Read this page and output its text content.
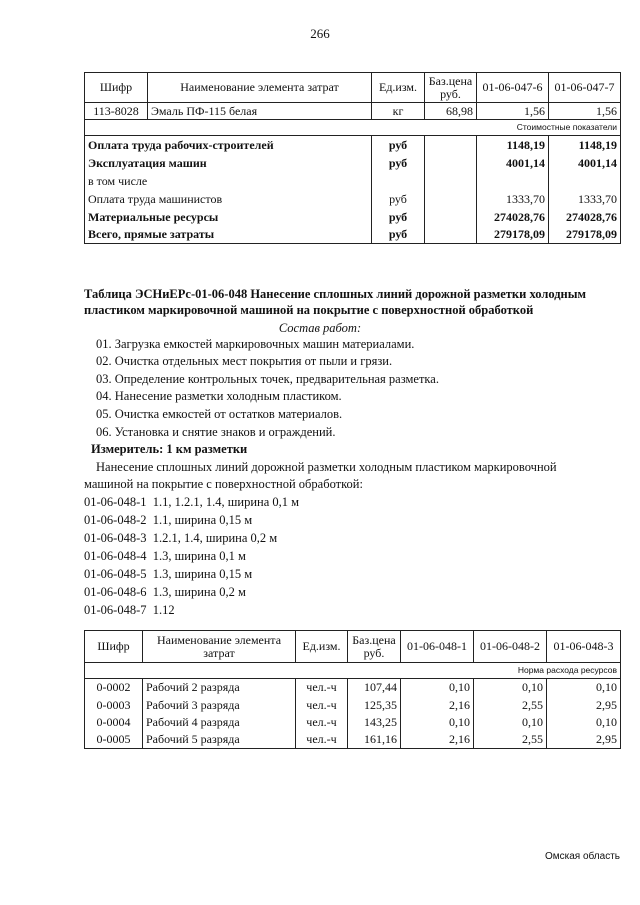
266
Шифр	Наименование элемента затрат	Ед.изм.	Баз.цена руб.	01-06-047-6	01-06-047-7
113-8028	Эмаль ПФ-115 белая	кг	68,98	1,56	1,56
Стоимостные показатели					
Оплата труда рабочих-строителей		руб		1148,19	1148,19
Эксплуатация машин		руб		4001,14	4001,14
в том числе					
Оплата труда машинистов		руб		1333,70	1333,70
Материальные ресурсы		руб		274028,76	274028,76
Всего, прямые затраты		руб		279178,09	279178,09
Таблица ЭСНиЕРс-01-06-048 Нанесение сплошных линий дорожной разметки холодным
пластиком маркировочной машиной на покрытие с поверхностной обработкой
Состав работ:
01. Загрузка емкостей маркировочных машин материалами.
02. Очистка отдельных мест покрытия от пыли и грязи.
03. Определение контрольных точек, предварительная разметка.
04. Нанесение разметки холодным пластиком.
05. Очистка емкостей от остатков материалов.
06. Установка и снятие знаков и ограждений.
Измеритель: 1 км разметки
Нанесение сплошных линий дорожной разметки холодным пластиком маркировочной
машиной на покрытие с поверхностной обработкой:
01-06-048-1 1.1, 1.2.1, 1.4, ширина 0,1 м
01-06-048-2 1.1, ширина 0,15 м
01-06-048-3 1.2.1, 1.4, ширина 0,2 м
01-06-048-4 1.3, ширина 0,1 м
01-06-048-5 1.3, ширина 0,15 м
01-06-048-6 1.3, ширина 0,2 м
01-06-048-7 1.12
Шифр	Наименование элемента затрат	Ед.изм.	Баз.цена руб.	01-06-048-1	01-06-048-2	01-06-048-3
Норма расхода ресурсов						
0-0002	Рабочий 2 разряда	чел.-ч	107,44	0,10	0,10	0,10
0-0003	Рабочий 3 разряда	чел.-ч	125,35	2,16	2,55	2,95
0-0004	Рабочий 4 разряда	чел.-ч	143,25	0,10	0,10	0,10
0-0005	Рабочий 5 разряда	чел.-ч	161,16	2,16	2,55	2,95
Омская область
